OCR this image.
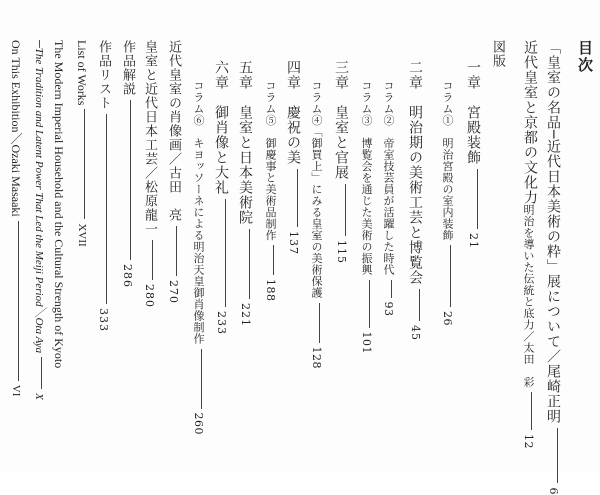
目次
「皇室の名品─近代日本美術の粋」展について／尾崎正明6
近代皇室と京都の文化力
明治を導いた伝統と底力／太田　彩12
図版
一章　宮殿装飾21
コラム①　明治宮殿の室内装飾26
二章　明治期の美術工芸と博覧会45
コラム②　帝室技芸員が活躍した時代93
コラム③　博覧会を通じた美術の振興101
三章　皇室と官展115
コラム④「御買上」にみる皇室の美術保護128
四章　慶祝の美137
コラム⑤　御慶事と美術品制作188
五章　皇室と日本美術院221
六章　御肖像と大礼233
コラム⑥　キヨッソーネによる明治天皇御肖像制作260
近代皇室の肖像画／古田　亮270
皇室と近代日本工芸／松原龍一280
作品解説286
作品リスト333
List of WorksXVII
The Modern Imperial Household and the Cultural Strength of Kyoto
─The Tradition and Latent Power That Led the Meiji Period／Ota AyaX
On This Exhibition／Ozaki MasaakiVI
